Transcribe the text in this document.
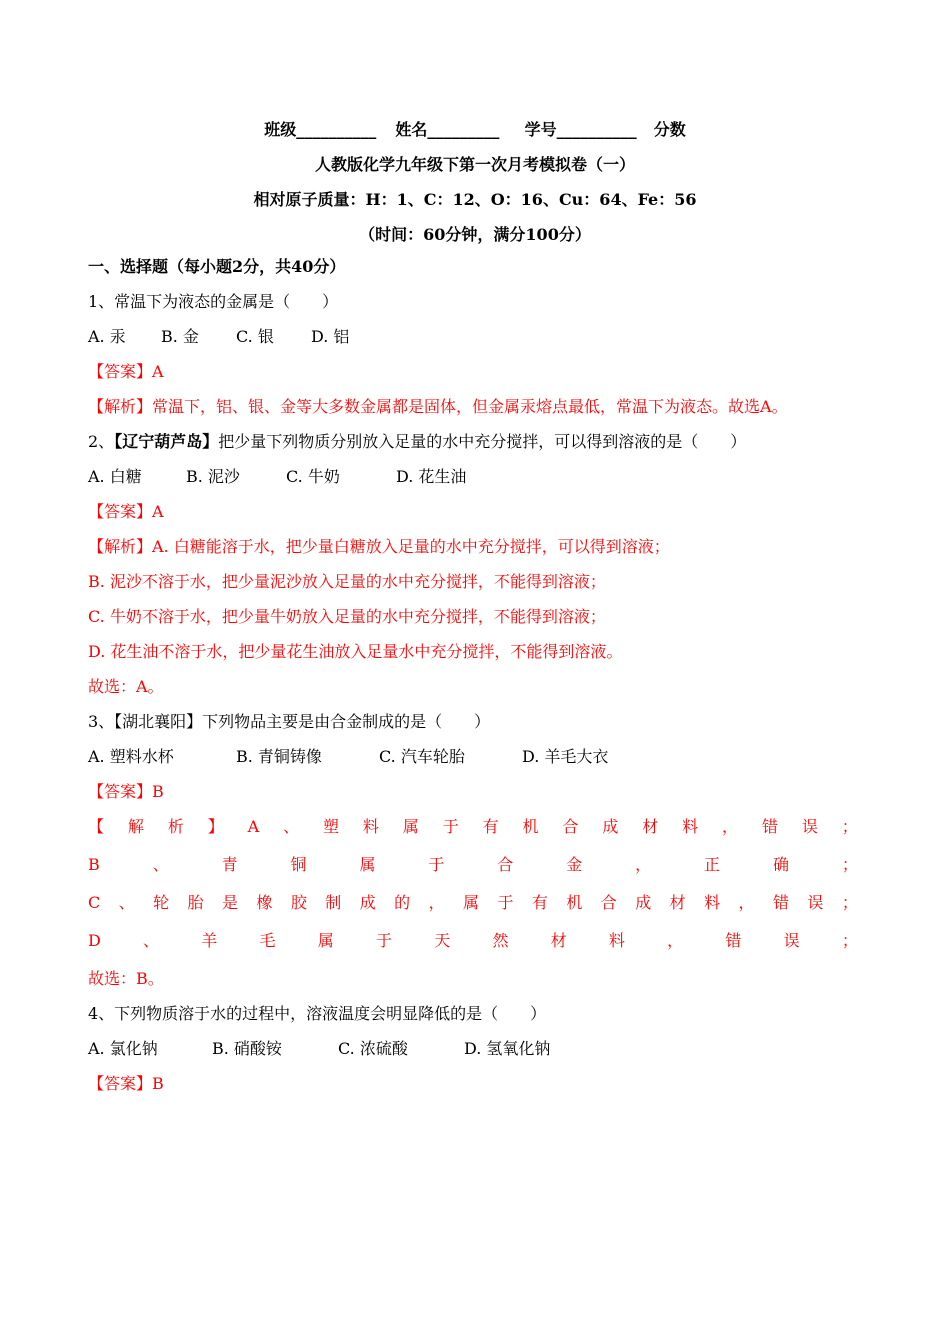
班级__________ 姓名_________ 学号__________ 分数
人教版化学九年级下第一次月考模拟卷（一）
相对原子质量：H：1、C：12、O：16、Cu：64、Fe：56
（时间：60分钟，满分100分）
一、选择题（每小题2分，共40分）
1、常温下为液态的金属是（　　）
A. 汞 B. 金 C. 银 D. 铝
【答案】A
【解析】常温下，铝、银、金等大多数金属都是固体，但金属汞熔点最低，常温下为液态。故选A。
2、【辽宁葫芦岛】把少量下列物质分别放入足量的水中充分搅拌，可以得到溶液的是（　　）
A. 白糖	B. 泥沙	C. 牛奶	D. 花生油
【答案】A
【解析】A. 白糖能溶于水，把少量白糖放入足量的水中充分搅拌，可以得到溶液；
B. 泥沙不溶于水，把少量泥沙放入足量的水中充分搅拌，不能得到溶液；
C. 牛奶不溶于水，把少量牛奶放入足量的水中充分搅拌，不能得到溶液；
D. 花生油不溶于水，把少量花生油放入足量水中充分搅拌，不能得到溶液。
故选：A。
3、【湖北襄阳】下列物品主要是由合金制成的是（　　）
A. 塑料水杯	B. 青铜铸像	C. 汽车轮胎	D. 羊毛大衣
【答案】B
【 解 析 】 A 、 塑 料 属 于 有 机 合 成 材 料 ， 错 误 ；
B	、	青	铜	属	于	合	金	，	正	确	；
C 、 轮 胎 是 橡 胶 制 成 的 ， 属 于 有 机 合 成 材 料 ， 错 误 ；
D	、	羊	毛	属	于	天	然	材	料	，	错	误	；
故选：B。
4、下列物质溶于水的过程中，溶液温度会明显降低的是（　　）
A. 氯化钠	B. 硝酸铵	C. 浓硫酸	D. 氢氧化钠
【答案】B
